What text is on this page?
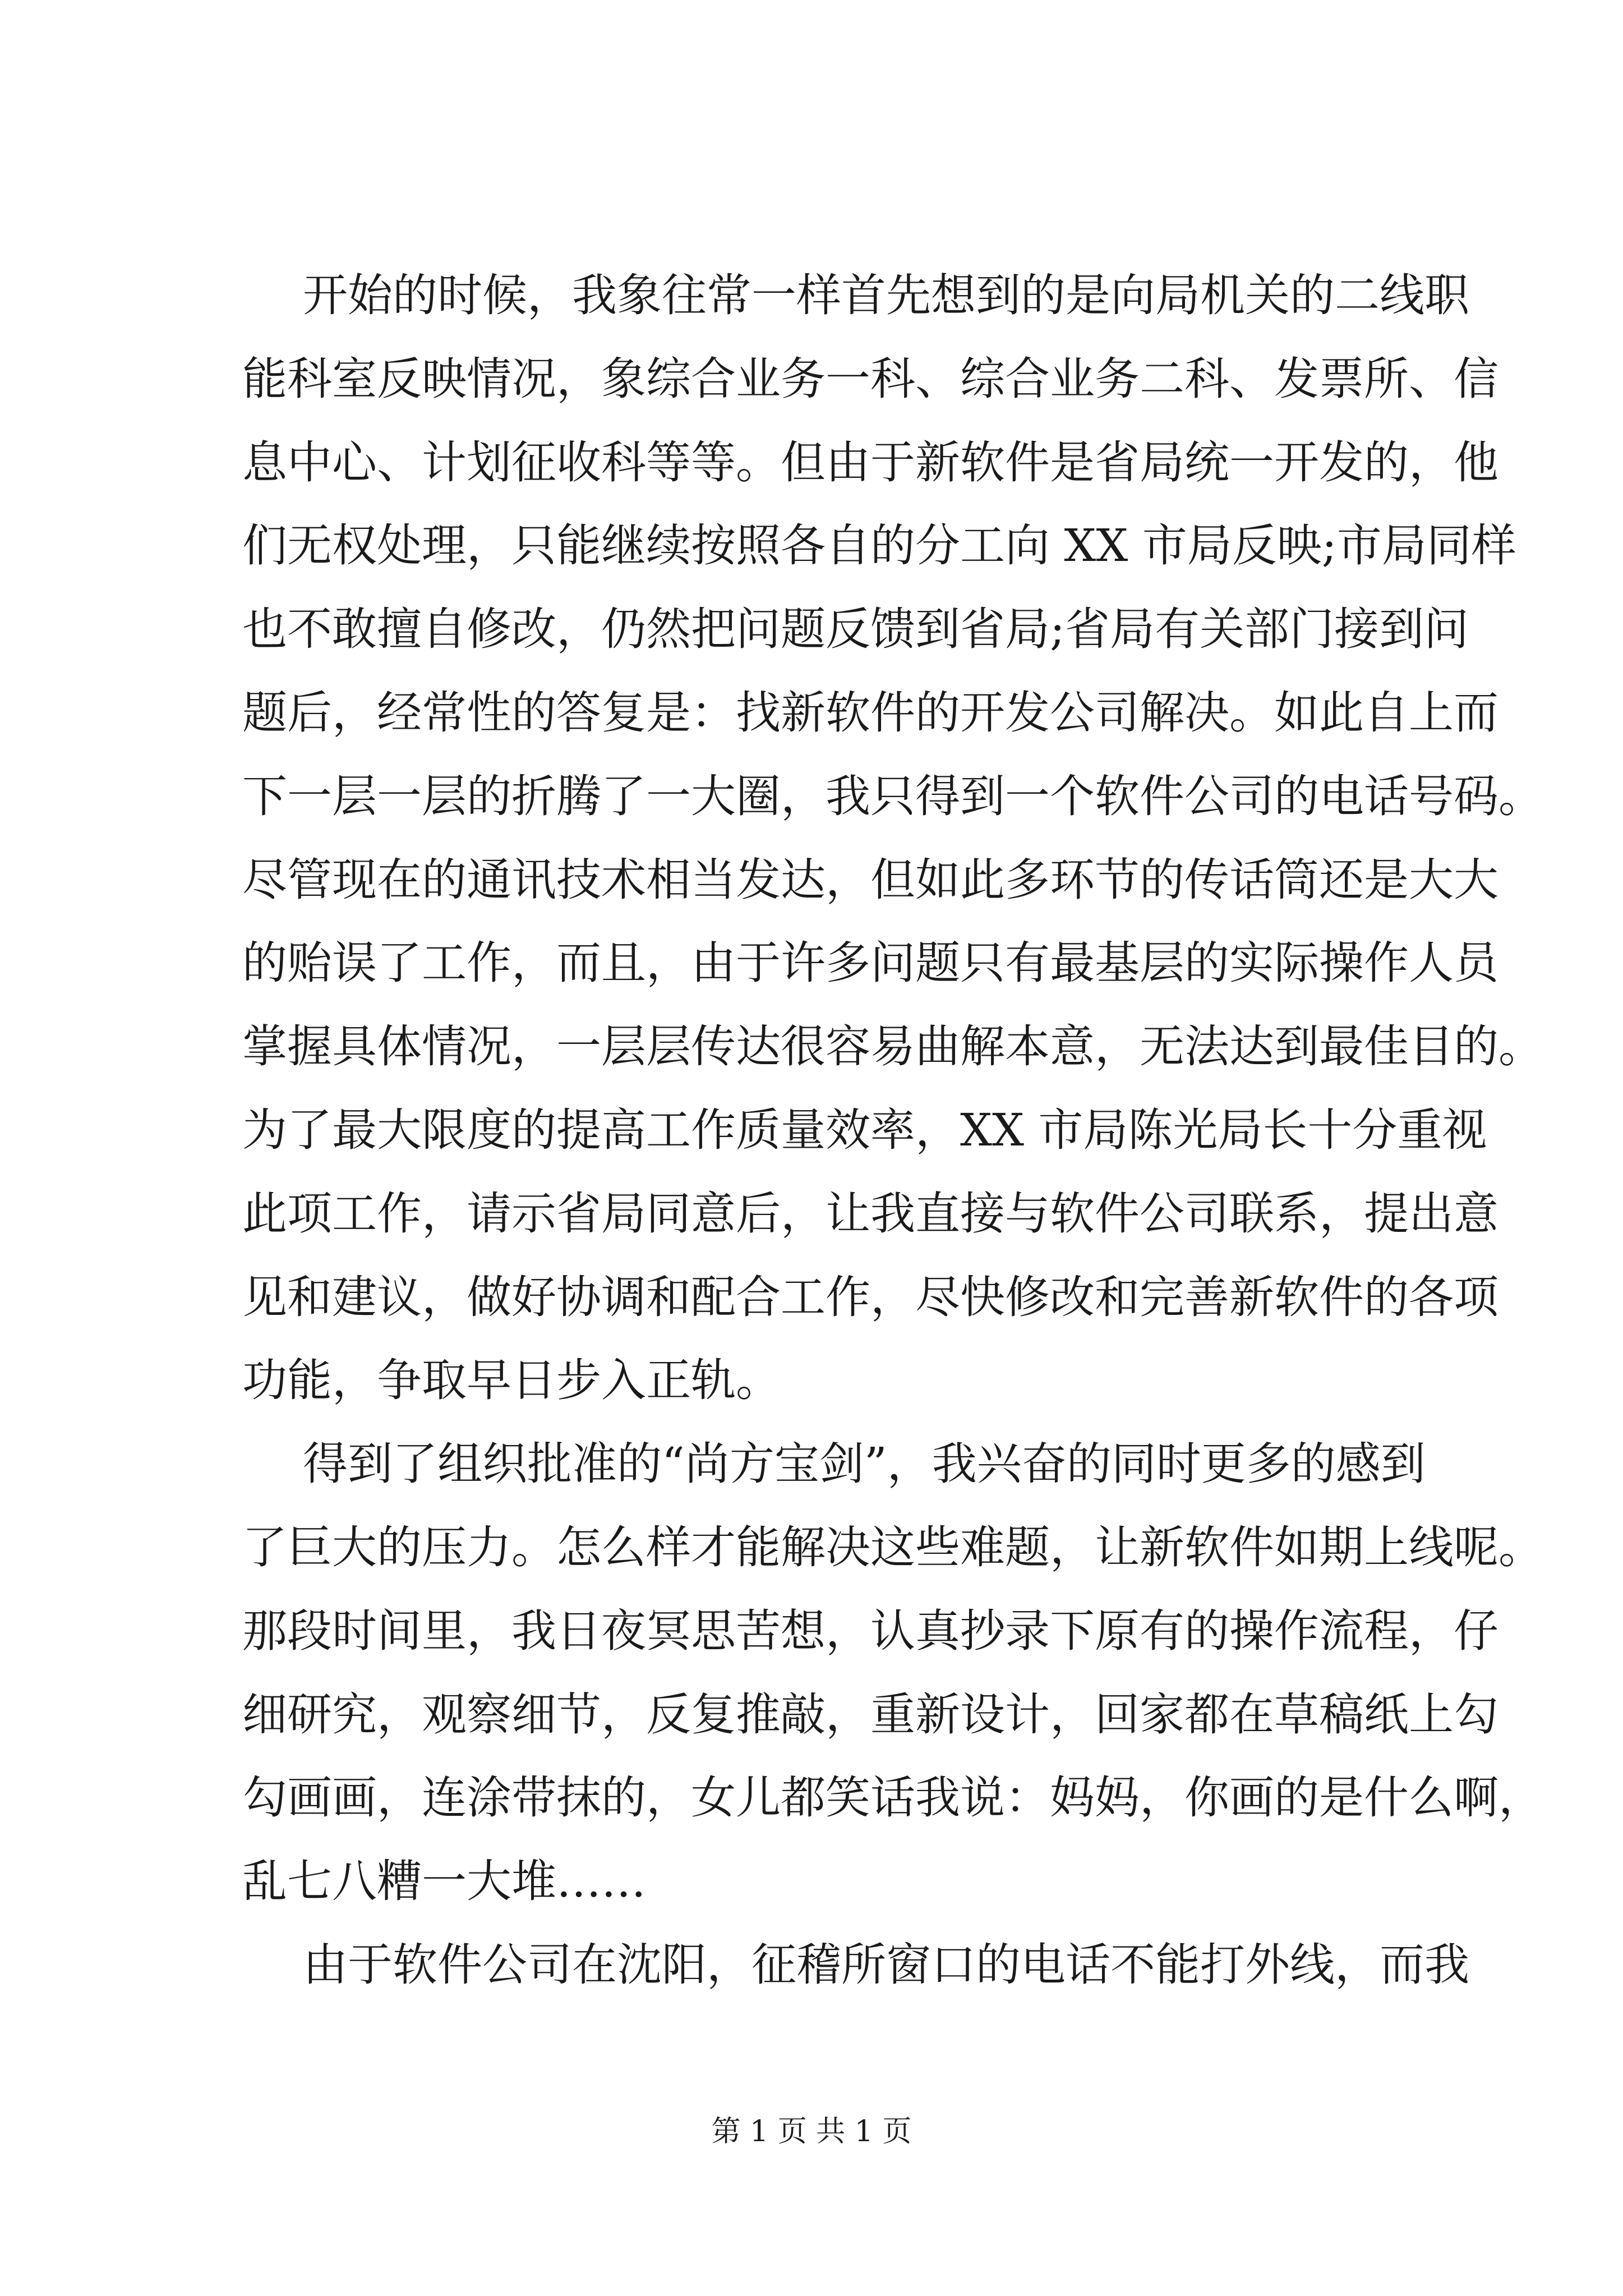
开始的时候，我象往常一样首先想到的是向局机关的二线职
能科室反映情况，象综合业务一科、综合业务二科、发票所、信
息中心、计划征收科等等。但由于新软件是省局统一开发的，他
们无权处理，只能继续按照各自的分工向 XX 市局反映;市局同样
也不敢擅自修改，仍然把问题反馈到省局;省局有关部门接到问
题后，经常性的答复是：找新软件的开发公司解决。如此自上而
下一层一层的折腾了一大圈，我只得到一个软件公司的电话号码。
尽管现在的通讯技术相当发达，但如此多环节的传话筒还是大大
的贻误了工作，而且，由于许多问题只有最基层的实际操作人员
掌握具体情况，一层层传达很容易曲解本意，无法达到最佳目的。
为了最大限度的提高工作质量效率，XX 市局陈光局长十分重视
此项工作，请示省局同意后，让我直接与软件公司联系，提出意
见和建议，做好协调和配合工作，尽快修改和完善新软件的各项
功能，争取早日步入正轨。
得到了组织批准的“尚方宝剑”，我兴奋的同时更多的感到
了巨大的压力。怎么样才能解决这些难题，让新软件如期上线呢。
那段时间里，我日夜冥思苦想，认真抄录下原有的操作流程，仔
细研究，观察细节，反复推敲，重新设计，回家都在草稿纸上勾
勾画画，连涂带抹的，女儿都笑话我说：妈妈，你画的是什么啊，
乱七八糟一大堆……
由于软件公司在沈阳，征稽所窗口的电话不能打外线，而我
第 1 页 共 1 页
